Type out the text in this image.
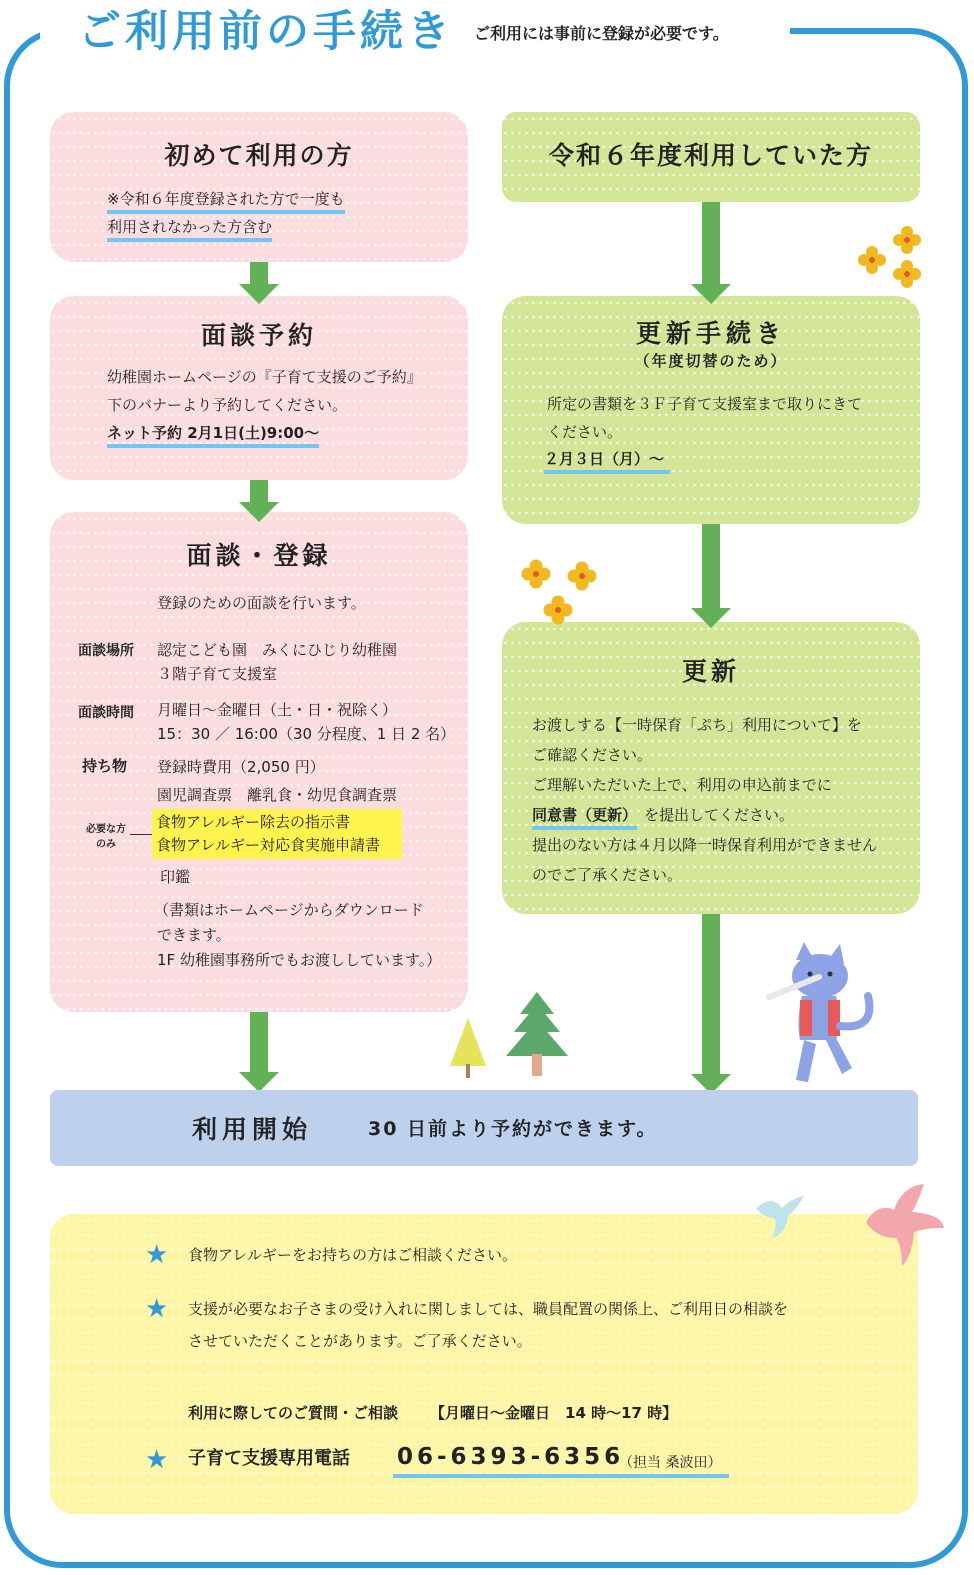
ご利用前の手続き ご利用には事前に登録が必要です。
初めて利用の方
※令和６年度登録された方で一度も
利用されなかった方含む
面談予約
幼稚園ホームページの『子育て支援のご予約』
下のバナーより予約してください。
ネット予約 2月1日(土)9:00〜
面談・登録
登録のための面談を行います。
面談場所 認定こども園　みくにひじり幼稚園
３階子育て支援室
面談時間 月曜日〜金曜日（土・日・祝除く）
15：30 ／ 16:00（30 分程度、1 日 2 名）
持ち物 登録時費用（2,050 円）
園児調査票　離乳食・幼児食調査票
必要な方
のみ
食物アレルギー除去の指示書
食物アレルギー対応食実施申請書
印鑑
（書類はホームページからダウンロード
できます。
1F 幼稚園事務所でもお渡ししています。）
令和６年度利用していた方
更新手続き
（年度切替のため）
所定の書類を３Ｆ子育て支援室まで取りにきて
ください。
２月３日（月）〜
更新
お渡しする【一時保育「ぷち」利用について】を
ご確認ください。
ご理解いただいた上で、利用の申込前までに
同意書（更新） を提出してください。
提出のない方は４月以降一時保育利用ができません
のでご了承ください。
利用開始	30 日前より予約ができます。
★ 食物アレルギーをお持ちの方はご相談ください。
★ 支援が必要なお子さまの受け入れに関しましては、職員配置の関係上、ご利用日の相談を
させていただくことがあります。ご了承ください。
利用に際してのご質問・ご相談 【月曜日〜金曜日　14 時〜17 時】
★ 子育て支援専用電話 06-6393-6356
（担当 桑波田）
